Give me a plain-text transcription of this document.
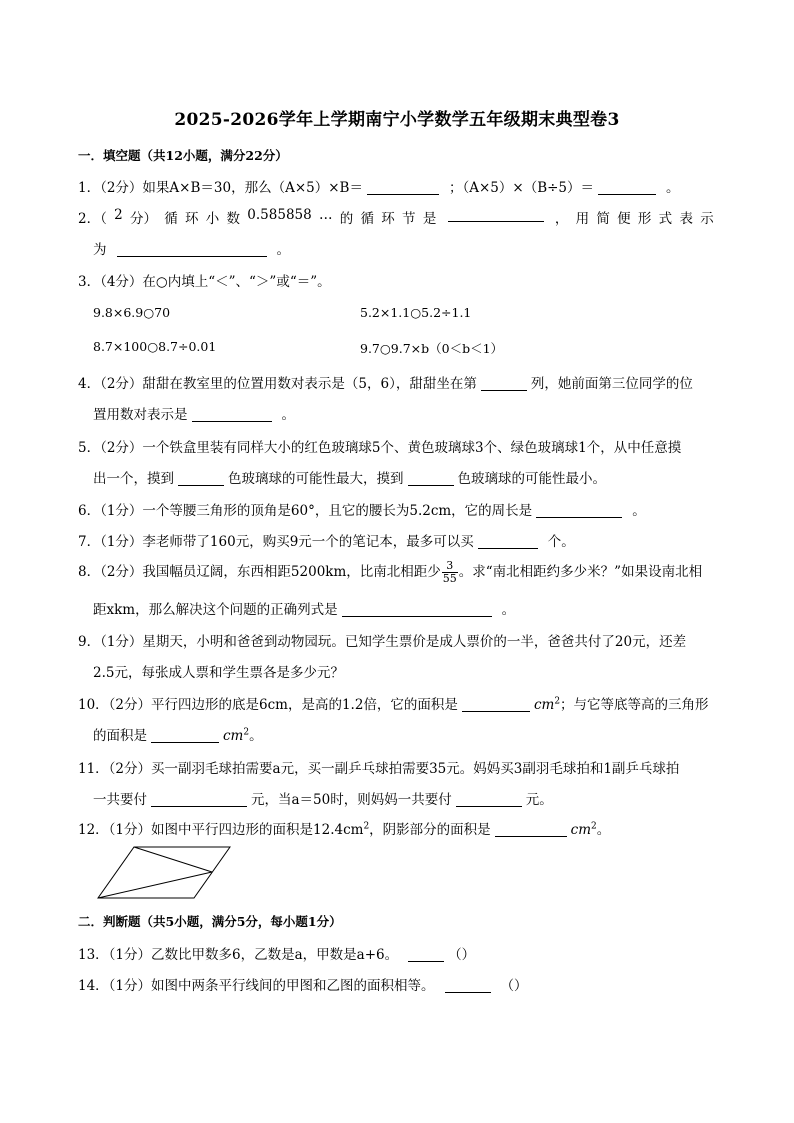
2025-2026学年上学期南宁小学数学五年级期末典型卷3
一．填空题（共12小题，满分22分）
1．（2分）如果A×B＝30，那么（A×5）×B＝	；（A×5）×（B÷5）＝	。
2．（ 2 分） 循 环 小 数 0.585858 … 的 循 环 节 是	， 用 简 便 形 式 表 示
为	。
3．（4分）在○内填上“＜”、“＞”或“＝”。
9.8×6.9○70	5.2×1.1○5.2÷1.1
8.7×100○8.7÷0.01	9.7○9.7×b（0＜b＜1）
4．（2分）甜甜在教室里的位置用数对表示是（5，6），甜甜坐在第	列，她前面第三位同学的位
置用数对表示是	。
5．（2分）一个铁盒里装有同样大小的红色玻璃球5个、黄色玻璃球3个、绿色玻璃球1个，从中任意摸
出一个，摸到	色玻璃球的可能性最大，摸到	色玻璃球的可能性最小。
6．（1分）一个等腰三角形的顶角是60°，且它的腰长为5.2cm，它的周长是	。
7．（1分）李老师带了160元，购买9元一个的笔记本，最多可以买	个。
8．（2分）我国幅员辽阔，东西相距5200km，比南北相距少 $\frac{3}{55}$ 。求“南北相距约多少米？”如果设南北相
距xkm，那么解决这个问题的正确列式是	。
9．（1分）星期天，小明和爸爸到动物园玩。已知学生票价是成人票价的一半，爸爸共付了20元，还差
2.5元，每张成人票和学生票各是多少元？
10．（2分）平行四边形的底是6cm，是高的1.2倍，它的面积是	$cm^2$；与它等底等高的三角形
的面积是	$cm^2$。
11．（2分）买一副羽毛球拍需要a元，买一副乒乓球拍需要35元。妈妈买3副羽毛球拍和1副乒乓球拍
一共要付	元，当a＝50时，则妈妈一共要付	元。
12．（1分）如图中平行四边形的面积是$12.4cm^2$，阴影部分的面积是	$cm^2$。
二．判断题（共5小题，满分5分，每小题1分）
13．（1分）乙数比甲数多6，乙数是a，甲数是a+6。	（）
14．（1分）如图中两条平行线间的甲图和乙图的面积相等。	（）
